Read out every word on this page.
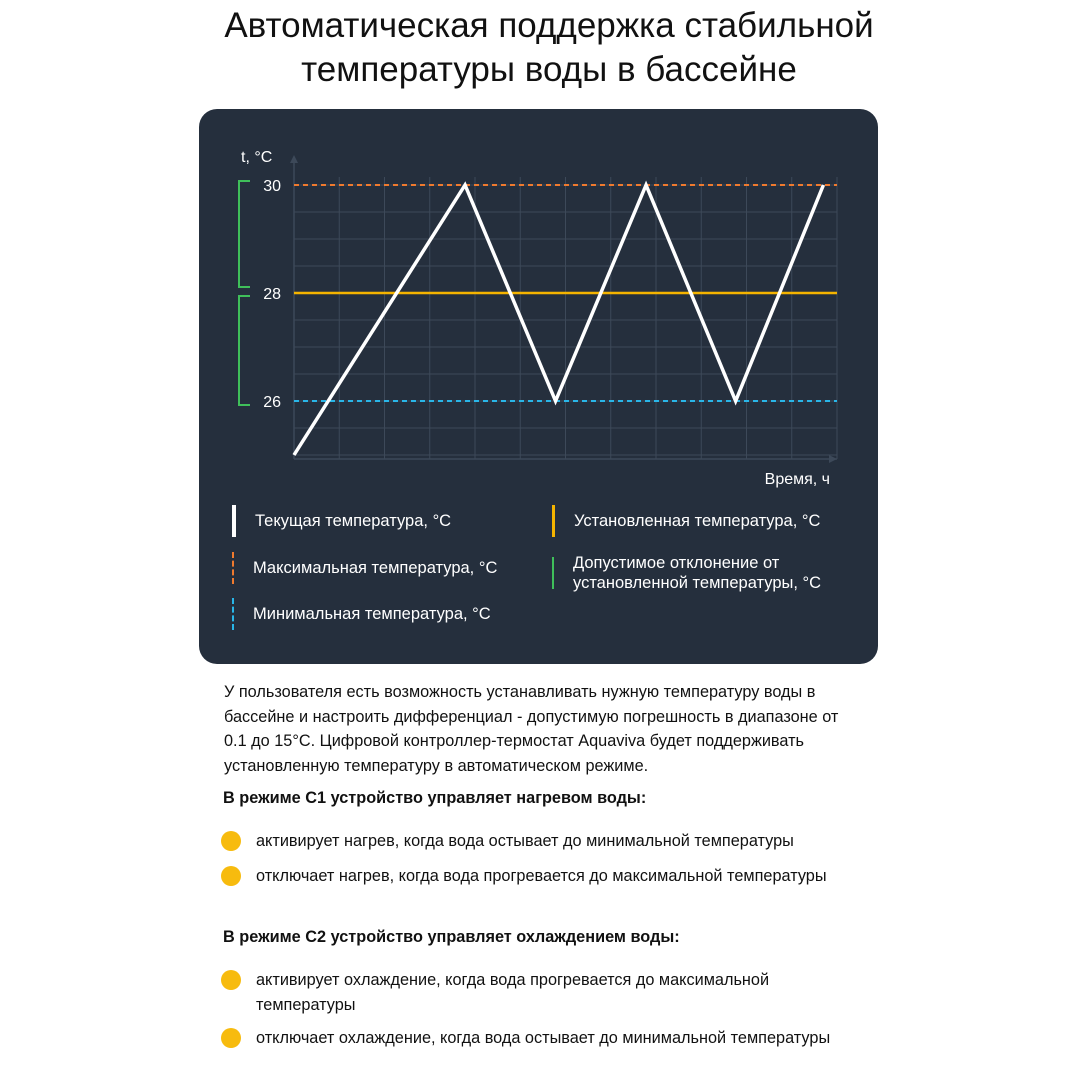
Автоматическая поддержка стабильной
температуры воды в бассейне
30
28
26
t, °C
Время, ч
Текущая температура, °C	Установленная температура, °C
Максимальная температура, °C	Допустимое отклонение от
установленной температуры, °C
Минимальная температура, °C

У пользователя есть возможность устанавливать нужную температуру воды в бассейне и настроить дифференциал - допустимую погрешность в диапазоне от 0.1 до 15°С. Цифровой контроллер-термостат Aquaviva будет поддерживать установленную температуру в автоматическом режиме.

В режиме С1 устройство управляет нагревом воды:

активирует нагрев, когда вода остывает до минимальной температуры
отключает нагрев, когда вода прогревается до максимальной температуры

В режиме С2 устройство управляет охлаждением воды:

активирует охлаждение, когда вода прогревается до максимальной температуры
отключает охлаждение, когда вода остывает до минимальной температуры
